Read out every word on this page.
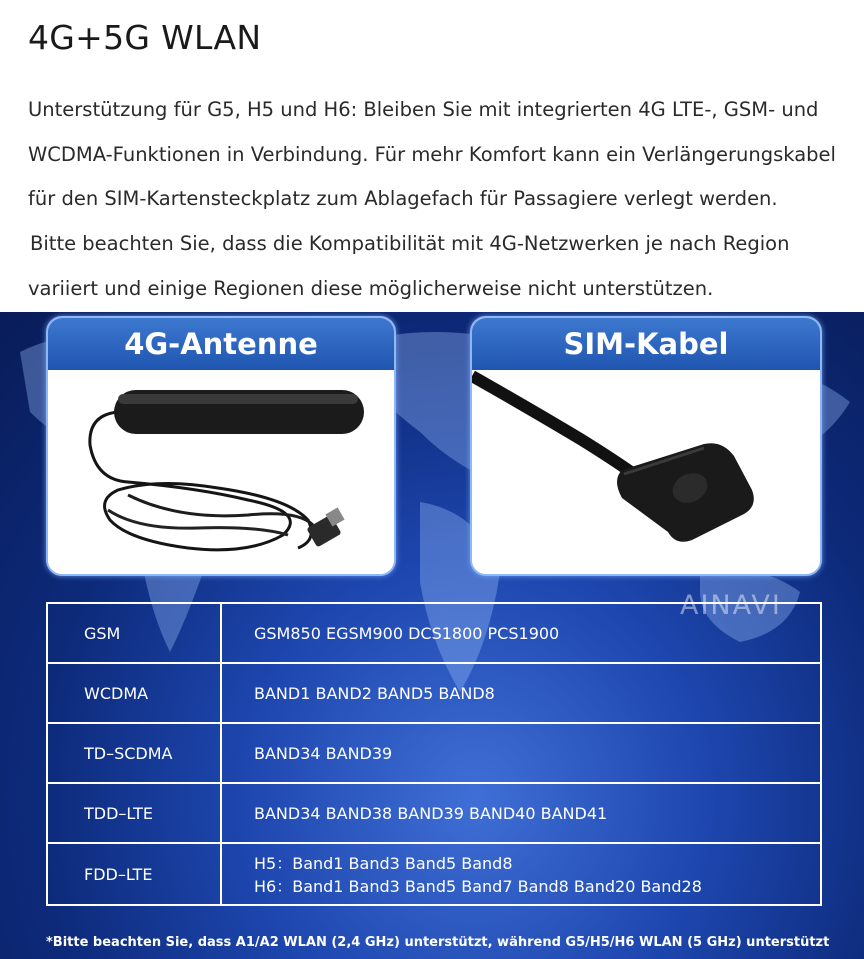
4G+5G WLAN
Unterstützung für G5, H5 und H6: Bleiben Sie mit integrierten 4G LTE-, GSM- und
WCDMA-Funktionen in Verbindung. Für mehr Komfort kann ein Verlängerungskabel
für den SIM-Kartensteckplatz zum Ablagefach für Passagiere verlegt werden.
Bitte beachten Sie, dass die Kompatibilität mit 4G-Netzwerken je nach Region
variiert und einige Regionen diese möglicherweise nicht unterstützen.
4G-Antenne	SIM-Kabel
AINAVI
GSM	GSM850 EGSM900 DCS1800 PCS1900
WCDMA	BAND1 BAND2 BAND5 BAND8
TD–SCDMA	BAND34 BAND39
TDD–LTE	BAND34 BAND38 BAND39 BAND40 BAND41
FDD–LTE	H5：Band1 Band3 Band5 Band8
H6：Band1 Band3 Band5 Band7 Band8 Band20 Band28
*Bitte beachten Sie, dass A1/A2 WLAN (2,4 GHz) unterstützt, während G5/H5/H6 WLAN (5 GHz) unterstützt
